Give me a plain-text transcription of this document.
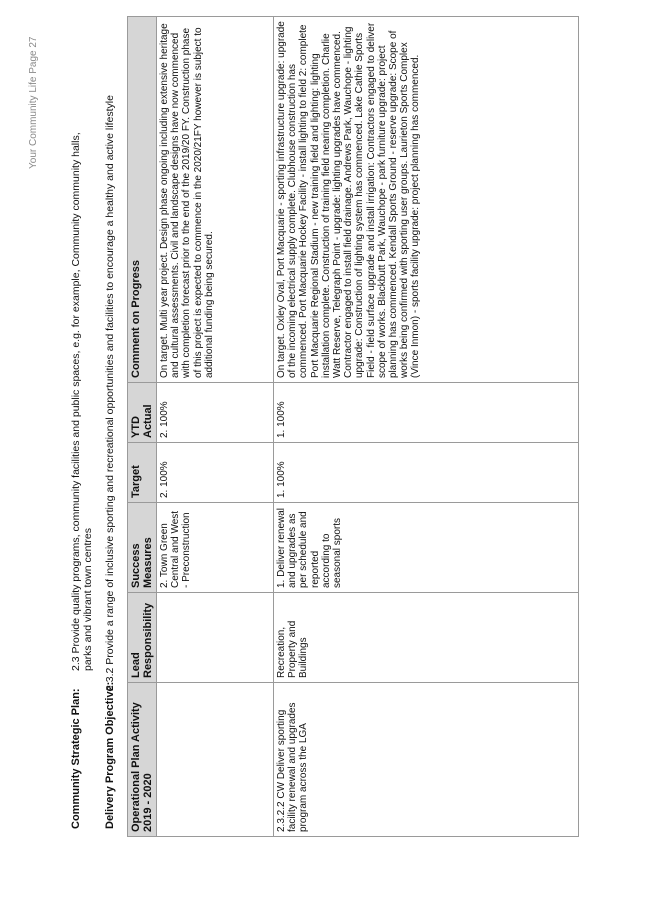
Community Strategic Plan:
2.3 Provide quality programs, community facilities and public spaces, e.g. for example, Community community halls, parks and vibrant town centres
Delivery Program Objective:
2.3.2 Provide a range of inclusive sporting and recreational opportunities and facilities to encourage a healthy and active lifestyle
Operational Plan Activity 2019 - 2020	Lead Responsibility	Success Measures	Target	YTD Actual	Comment on Progress
		2. Town Green Central and West - Preconstruction	2. 100%	2. 100%	On target. Multi year project. Design phase ongoing including extensive heritage and cultural assessments. Civil and landscape designs have now commenced with completion forecast prior to the end of the 2019/20 FY. Construction phase of this project is expected to commence in the 2020/21FY however is subject to additional funding being secured.
2.3.2.2 CW Deliver sporting facility renewal and upgrades program across the LGA	Recreation, Property and Buildings	1. Deliver renewal and upgrades as per schedule and reported according to seasonal sports	1. 100%	1. 100%	On target. Oxley Oval, Port Macquarie - sporting infrastructure upgrade: upgrade of the incoming electrical supply complete. Clubhouse construction has commenced. Port Macquarie Hockey Facility - install lighting to field 2: complete Port Macquarie Regional Stadium - new training field and lighting: lighting installation complete. Construction of training field nearing completion. Charlie Watt Reserve, Telegraph Point - upgrade: lighting upgrades have commenced. Contractor engaged to install field drainage. Andrews Park, Wauchope - lighting upgrade: Construction of lighting system has commenced. Lake Cathie Sports Field - field surface upgrade and install irrigation: Contractors engaged to deliver scope of works. Blackbutt Park, Wauchope - park furniture upgrade: project planning has commenced. Kendall Sports Ground - reserve upgrade: Scope of works being confirmed with sporting user groups. Laurieton Sports Complex (Vince Inmon) - sports facility upgrade: project planning has commenced.
Your Community Life Page 27
